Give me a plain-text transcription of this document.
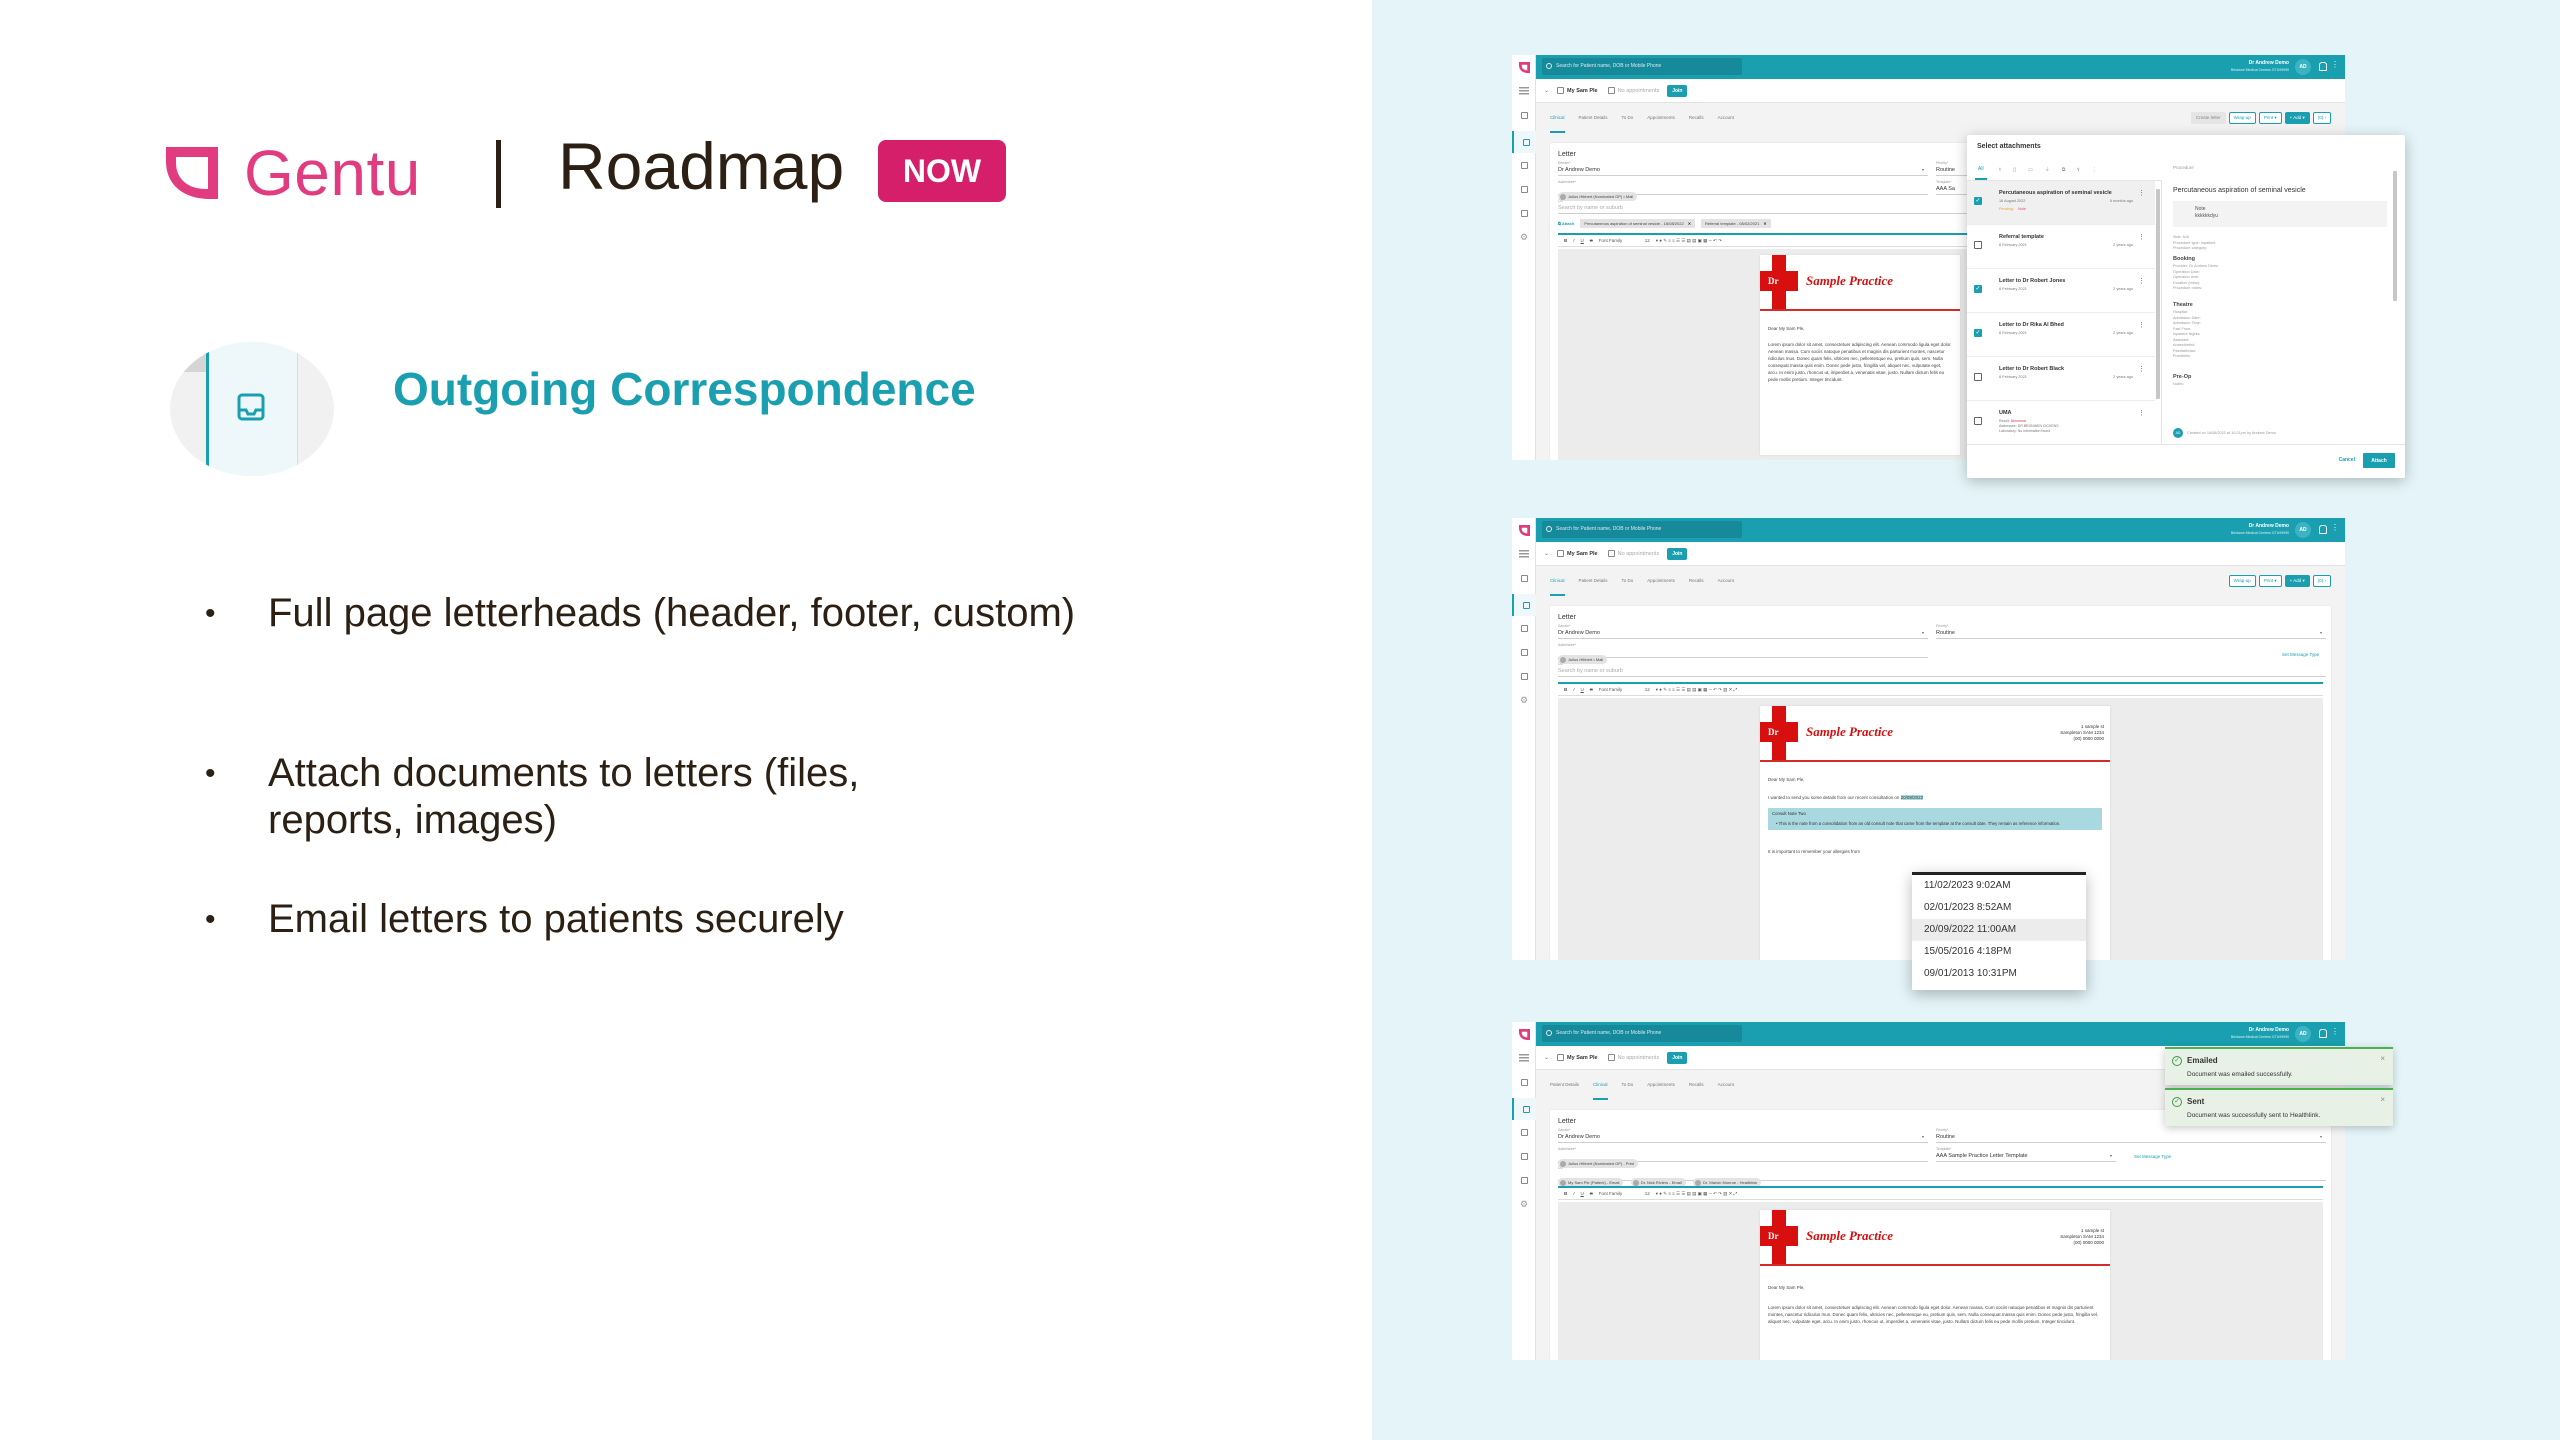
Gentu Roadmap	NOW
Outgoing Correspondence
•	Full page letterheads (header, footer, custom)
•	Attach documents to letters (files, reports, images)
•	Email letters to patients securely
⚙
Search for Patient name, DOB or Mobile Phone	Dr Andrew Demo
Brisbane Medical Centres GTU99999	AD	⋮
⌄	My Sam Ple	No appointments	Join
Clinical	Patient Details	To Do	Appointments	Recalls	Account	Create letter	Wrap-up	Print ▾	+ Add ▾	(0) ›
Letter
Sender*
Dr Andrew Demo	▾
Priority*
Routine
Addressee*
Julius Hibbert (Nominated GP) • Mail
Template*
AAA Sa
CC
Search by name or suburb
⧉ Attach	Percutaneous aspiration of seminal vesicle - 16/08/2022 ✕	Referral template - 08/02/2021 ✕
B I U S Font Family	12 ▾ ● ✎ ≡ ≡ ☰ ☰ ▤ ▤ ▣ ▦ ─ ↶ ↷
Dr	Sample Practice
Dear My Sam Ple,
Lorem ipsum dolor sit amet, consectetuer adipiscing elit. Aenean commodo ligula eget dolor. Aenean massa. Cum sociis natoque penatibus et magnis dis parturient montes, nascetur ridiculus mus. Donec quam felis, ultricies nec, pellentesque eu, pretium quis, sem. Nulla consequat massa quis enim. Donec pede justo, fringilla vel, aliquet nec, vulputate eget, arcu. In enim justo, rhoncus ut, imperdiet a, venenatis vitae, justo. Nullam dictum felis eu pede mollis pretium. Integer tincidunt.
Select attachments
All	⚕ ▯ ▭ ⏚ ⧉ ⫯ ⋮
✓
Percutaneous aspiration of seminal vesicle
16 August 2022	6 months ago
Pending Note
⋮
Referral template
8 February 2021	2 years ago
⋮
✓
Letter to Dr Robert Jones
8 February 2021	2 years ago
⋮
✓
Letter to Dr Rika Al Bhed
8 February 2021	2 years ago
⋮
Letter to Dr Robert Black
8 February 2021	2 years ago
⋮
UMA
Result: Abnormal
Addressee: DR BRONWEN DICKENS
Laboratory: No information found
⋮
Procedure
Percutaneous aspiration of seminal vesicle
Note
kkkkkkdyu
Side: N/A
Procedure type: Inpatient
Procedure category:
Booking
Provider: Dr Andrew Demo
Operation Date:
Operation time:
Duration (mins):
Procedure notes:
Theatre
Hospital:
Admission Date:
Admission Time:
Fast From:
Inpatient Nights:
Assistant:
Anaesthetist:
Paediatrician:
Prosthetic:
Pre-Op
Notes:
AD	Created on 16/08/2022 at 10:21pm by Andrew Demo
Cancel	Attach
⚙
Search for Patient name, DOB or Mobile Phone	Dr Andrew Demo
Brisbane Medical Centres GTU99999	AD	⋮
⌄	My Sam Ple	No appointments	Join
Clinical	Patient Details	To Do	Appointments	Recalls	Account	Wrap-up	Print ▾	+ Add ▾	(0) ›
Letter
Sender*
Dr Andrew Demo	▾
Priority*
Routine	▾
Addressee*
Julius Hibbert • Mail
Set Message Type
CC
Search by name or suburb
B I U S Font Family	12 ▾ ● ✎ ≡ ≡ ☰ ☰ ▤ ▤ ▣ ▦ ─ ↶ ↷ ▥ ✕ ⤢
Dr	Sample Practice	1 sample st
Sampleton SAM 1234
(00) 0000 0000
Dear My Sam Ple,
I wanted to send you some details from our recent consultation on 20/09/2022
Consult Note Two
• This is the note from a consolidation from an old consult note that came from the template at the consult date. They remain as reference information.
It is important to remember your allergies from
11/02/2023 9:02AM
02/01/2023 8:52AM
20/09/2022 11:00AM
15/05/2016 4:18PM
09/01/2013 10:31PM
⚙
Search for Patient name, DOB or Mobile Phone	Dr Andrew Demo
Brisbane Medical Centres GTU99999	AD	⋮
⌄	My Sam Ple	No appointments	Join
Patient Details	Clinical	To Do	Appointments	Recalls	Account
Letter
Sender*
Dr Andrew Demo	▾
Priority*
Routine	▾
Addressee*
Julius Hibbert (Nominated GP) - Print
Template*
AAA Sample Practice Letter Template	▾	Set Message Type
CC
My Sam Ple (Patient) - Email	Dr. Nick Riviers - Email	Dr. Marvin Monroe - Healthlink
B I U S Font Family	12 ▾ ● ✎ ≡ ≡ ☰ ☰ ▤ ▤ ▣ ▦ ─ ↶ ↷ ▥ ✕ ⤢
Dr	Sample Practice	1 sample st
Sampleton SAM 1234
(00) 0000 0000
Dear My Sam Ple,
Lorem ipsum dolor sit amet, consectetuer adipiscing elit. Aenean commodo ligula eget dolor. Aenean massa. Cum sociis natoque penatibus et magnis dis parturient montes, nascetur ridiculus mus. Donec quam felis, ultricies nec, pellentesque eu, pretium quis, sem. Nulla consequat massa quis enim. Donec pede justo, fringilla vel, aliquet nec, vulputate eget, arcu. In enim justo, rhoncus ut, imperdiet a, venenatis vitae, justo. Nullam dictum felis eu pede mollis pretium. Integer tincidunt.
✓ Emailed
Document was emailed successfully.
×
✓ Sent
Document was successfully sent to Healthlink.
×
